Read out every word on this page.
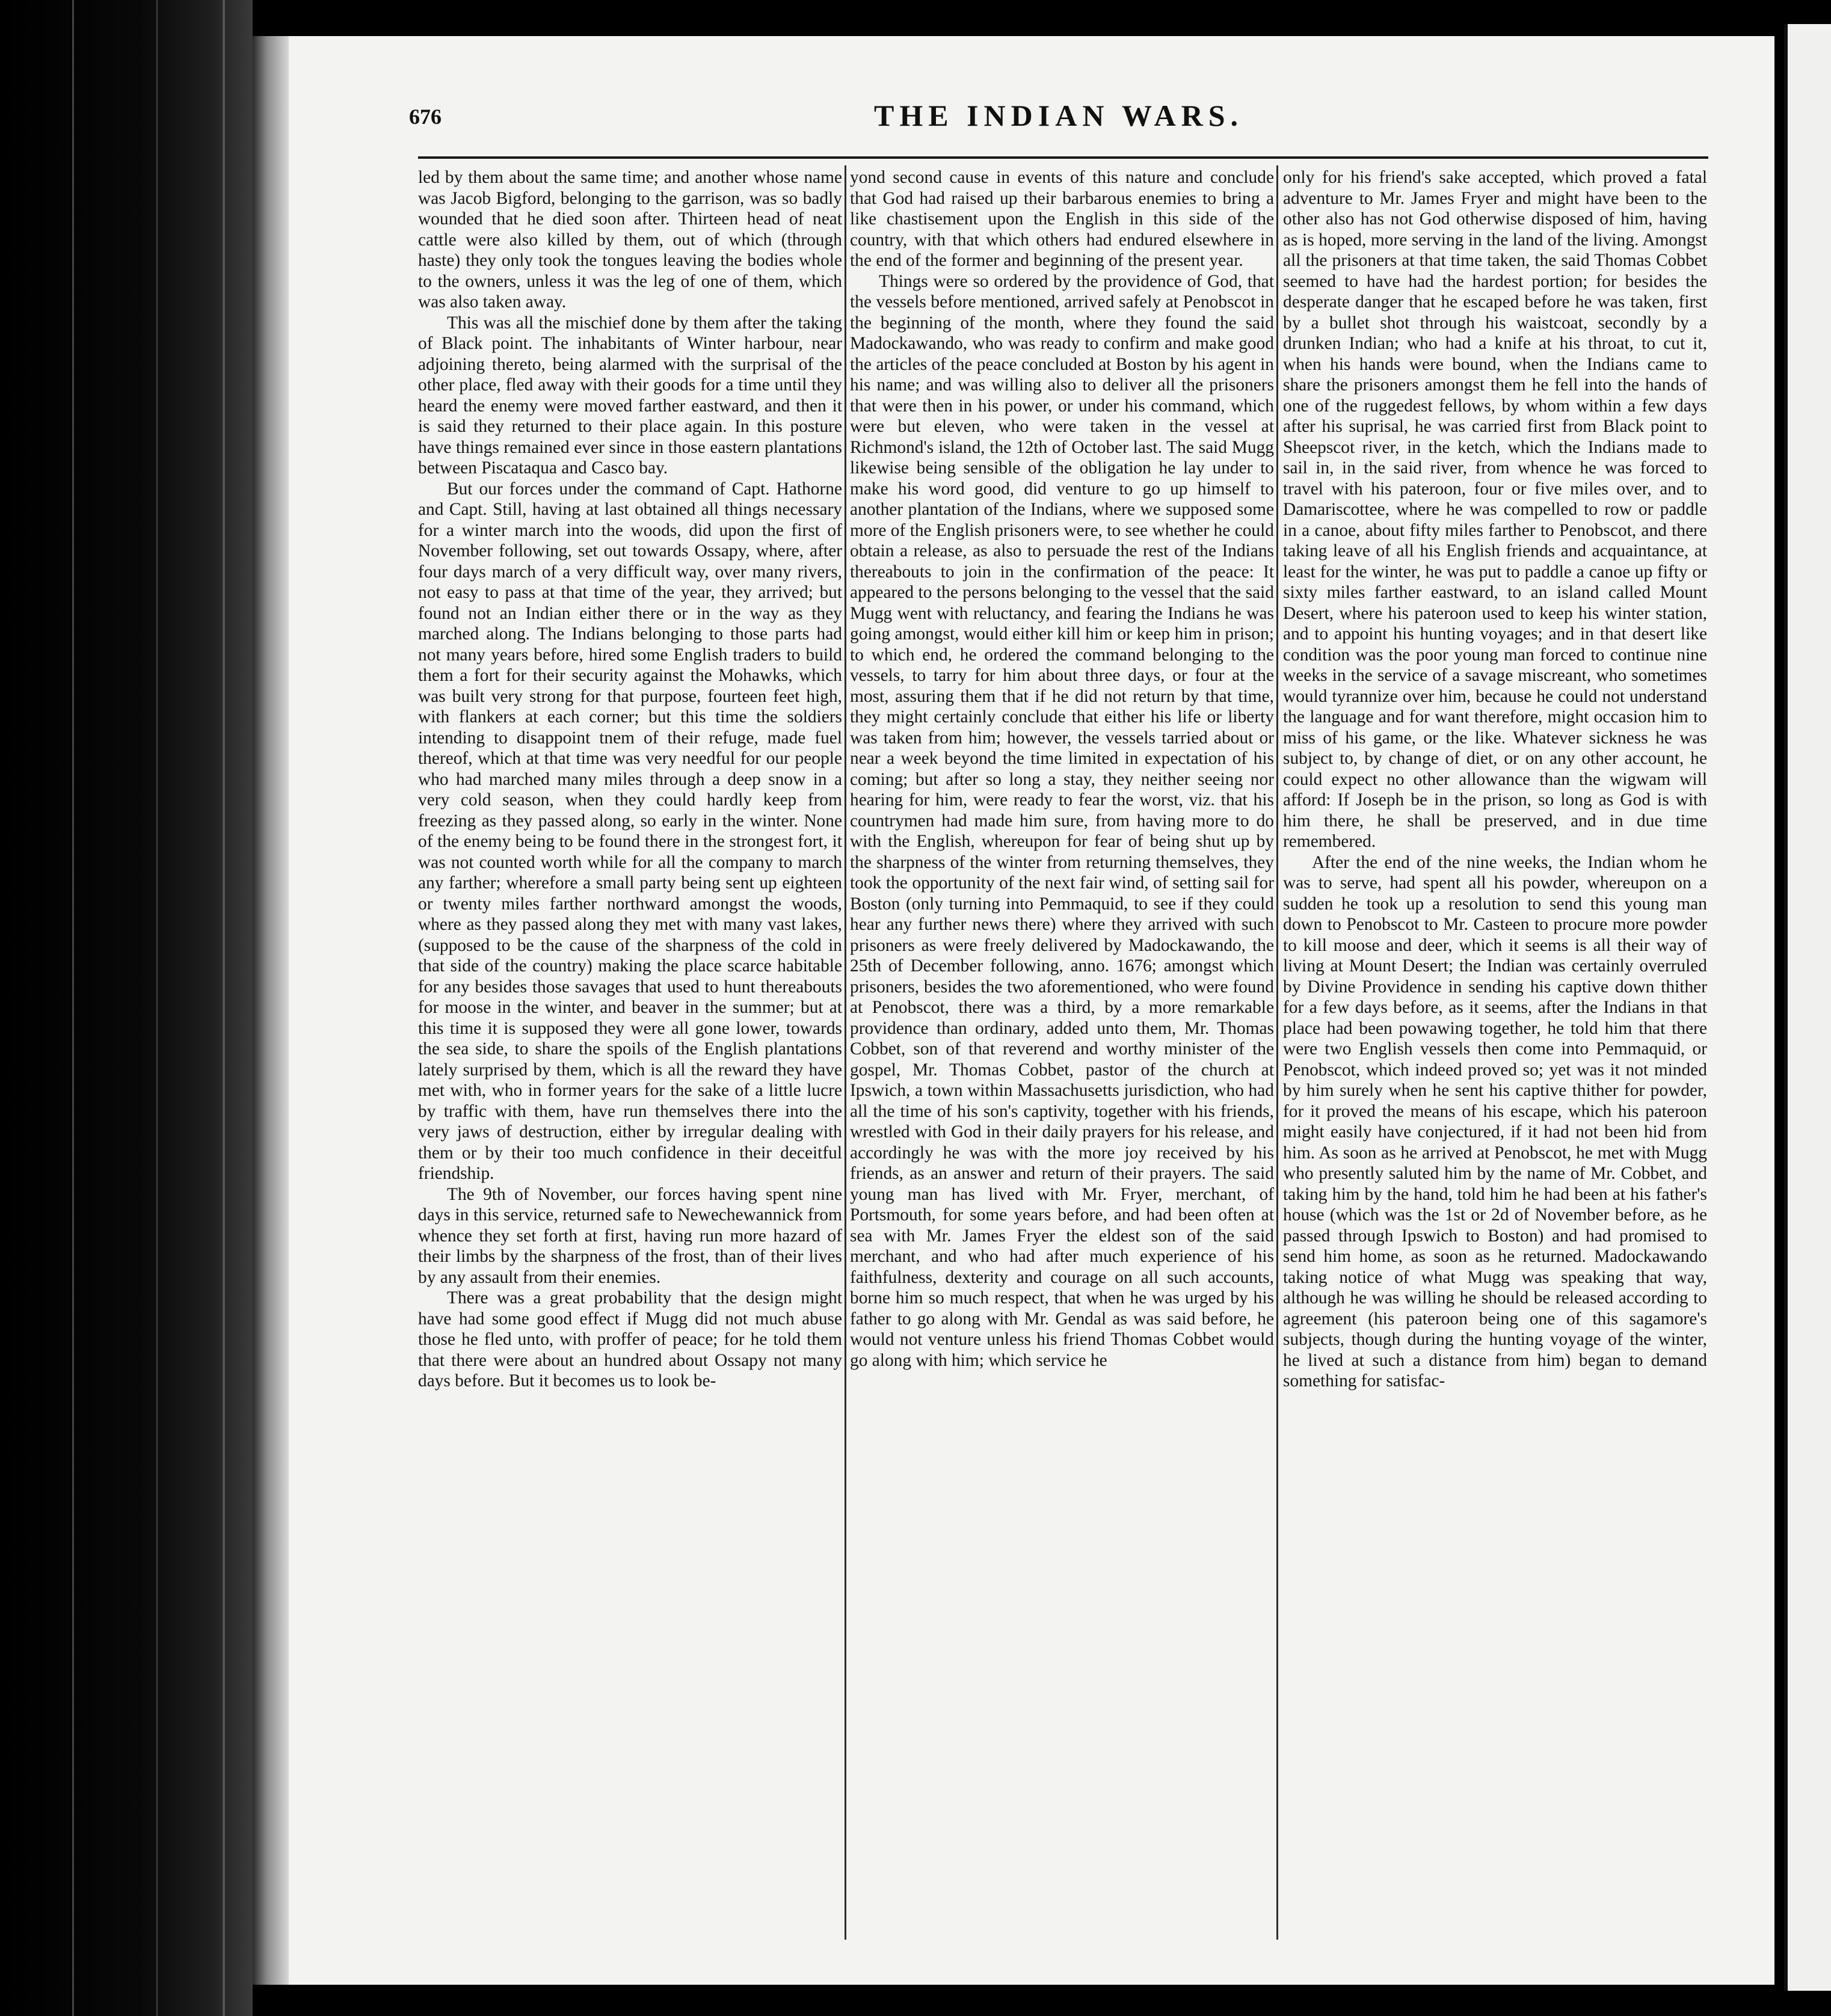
676	THE INDIAN WARS.

led by them about the same time; and another whose name was Jacob Bigford, belonging to the garrison, was so badly wounded that he died soon after. Thirteen head of neat cattle were also killed by them, out of which (through haste) they only took the tongues leaving the bodies whole to the owners, unless it was the leg of one of them, which was also taken away.

This was all the mischief done by them after the taking of Black point. The inhabitants of Winter harbour, near adjoining thereto, being alarmed with the surprisal of the other place, fled away with their goods for a time until they heard the enemy were moved farther eastward, and then it is said they returned to their place again. In this posture have things remained ever since in those eastern plantations between Piscataqua and Casco bay.

But our forces under the command of Capt. Hathorne and Capt. Still, having at last obtained all things necessary for a winter march into the woods, did upon the first of November following, set out towards Ossapy, where, after four days march of a very difficult way, over many rivers, not easy to pass at that time of the year, they arrived; but found not an Indian either there or in the way as they marched along. The Indians belonging to those parts had not many years before, hired some English traders to build them a fort for their security against the Mohawks, which was built very strong for that purpose, fourteen feet high, with flankers at each corner; but this time the soldiers intending to disappoint tnem of their refuge, made fuel thereof, which at that time was very needful for our people who had marched many miles through a deep snow in a very cold season, when they could hardly keep from freezing as they passed along, so early in the winter. None of the enemy being to be found there in the strongest fort, it was not counted worth while for all the company to march any farther; wherefore a small party being sent up eighteen or twenty miles farther northward amongst the woods, where as they passed along they met with many vast lakes, (supposed to be the cause of the sharpness of the cold in that side of the country) making the place scarce habitable for any besides those savages that used to hunt thereabouts for moose in the winter, and beaver in the summer; but at this time it is supposed they were all gone lower, towards the sea side, to share the spoils of the English plantations lately surprised by them, which is all the reward they have met with, who in former years for the sake of a little lucre by traffic with them, have run themselves there into the very jaws of destruction, either by irregular dealing with them or by their too much confidence in their deceitful friendship.

The 9th of November, our forces having spent nine days in this service, returned safe to Newechewannick from whence they set forth at first, having run more hazard of their limbs by the sharpness of the frost, than of their lives by any assault from their enemies.

There was a great probability that the design might have had some good effect if Mugg did not much abuse those he fled unto, with proffer of peace; for he told them that there were about an hundred about Ossapy not many days before. But it becomes us to look be-

yond second cause in events of this nature and conclude that God had raised up their barbarous enemies to bring a like chastisement upon the English in this side of the country, with that which others had endured elsewhere in the end of the former and beginning of the present year.

Things were so ordered by the providence of God, that the vessels before mentioned, arrived safely at Penobscot in the beginning of the month, where they found the said Madockawando, who was ready to confirm and make good the articles of the peace concluded at Boston by his agent in his name; and was willing also to deliver all the prisoners that were then in his power, or under his command, which were but eleven, who were taken in the vessel at Richmond's island, the 12th of October last. The said Mugg likewise being sensible of the obligation he lay under to make his word good, did venture to go up himself to another plantation of the Indians, where we supposed some more of the English prisoners were, to see whether he could obtain a release, as also to persuade the rest of the Indians thereabouts to join in the confirmation of the peace: It appeared to the persons belonging to the vessel that the said Mugg went with reluctancy, and fearing the Indians he was going amongst, would either kill him or keep him in prison; to which end, he ordered the command belonging to the vessels, to tarry for him about three days, or four at the most, assuring them that if he did not return by that time, they might certainly conclude that either his life or liberty was taken from him; however, the vessels tarried about or near a week beyond the time limited in expectation of his coming; but after so long a stay, they neither seeing nor hearing for him, were ready to fear the worst, viz. that his countrymen had made him sure, from having more to do with the English, whereupon for fear of being shut up by the sharpness of the winter from returning themselves, they took the opportunity of the next fair wind, of setting sail for Boston (only turning into Pemmaquid, to see if they could hear any further news there) where they arrived with such prisoners as were freely delivered by Madockawando, the 25th of December following, anno. 1676; amongst which prisoners, besides the two aforementioned, who were found at Penobscot, there was a third, by a more remarkable providence than ordinary, added unto them, Mr. Thomas Cobbet, son of that reverend and worthy minister of the gospel, Mr. Thomas Cobbet, pastor of the church at Ipswich, a town within Massachusetts jurisdiction, who had all the time of his son's captivity, together with his friends, wrestled with God in their daily prayers for his release, and accordingly he was with the more joy received by his friends, as an answer and return of their prayers. The said young man has lived with Mr. Fryer, merchant, of Portsmouth, for some years before, and had been often at sea with Mr. James Fryer the eldest son of the said merchant, and who had after much experience of his faithfulness, dexterity and courage on all such accounts, borne him so much respect, that when he was urged by his father to go along with Mr. Gendal as was said before, he would not venture unless his friend Thomas Cobbet would go along with him; which service he

only for his friend's sake accepted, which proved a fatal adventure to Mr. James Fryer and might have been to the other also has not God otherwise disposed of him, having as is hoped, more serving in the land of the living. Amongst all the prisoners at that time taken, the said Thomas Cobbet seemed to have had the hardest portion; for besides the desperate danger that he escaped before he was taken, first by a bullet shot through his waistcoat, secondly by a drunken Indian; who had a knife at his throat, to cut it, when his hands were bound, when the Indians came to share the prisoners amongst them he fell into the hands of one of the ruggedest fellows, by whom within a few days after his suprisal, he was carried first from Black point to Sheepscot river, in the ketch, which the Indians made to sail in, in the said river, from whence he was forced to travel with his pateroon, four or five miles over, and to Damariscottee, where he was compelled to row or paddle in a canoe, about fifty miles farther to Penobscot, and there taking leave of all his English friends and acquaintance, at least for the winter, he was put to paddle a canoe up fifty or sixty miles farther eastward, to an island called Mount Desert, where his pateroon used to keep his winter station, and to appoint his hunting voyages; and in that desert like condition was the poor young man forced to continue nine weeks in the service of a savage miscreant, who sometimes would tyrannize over him, because he could not understand the language and for want therefore, might occasion him to miss of his game, or the like. Whatever sickness he was subject to, by change of diet, or on any other account, he could expect no other allowance than the wigwam will afford: If Joseph be in the prison, so long as God is with him there, he shall be preserved, and in due time remembered.

After the end of the nine weeks, the Indian whom he was to serve, had spent all his powder, whereupon on a sudden he took up a resolution to send this young man down to Penobscot to Mr. Casteen to procure more powder to kill moose and deer, which it seems is all their way of living at Mount Desert; the Indian was certainly overruled by Divine Providence in sending his captive down thither for a few days before, as it seems, after the Indians in that place had been powawing together, he told him that there were two English vessels then come into Pemmaquid, or Penobscot, which indeed proved so; yet was it not minded by him surely when he sent his captive thither for powder, for it proved the means of his escape, which his pateroon might easily have conjectured, if it had not been hid from him. As soon as he arrived at Penobscot, he met with Mugg who presently saluted him by the name of Mr. Cobbet, and taking him by the hand, told him he had been at his father's house (which was the 1st or 2d of November before, as he passed through Ipswich to Boston) and had promised to send him home, as soon as he returned. Madockawando taking notice of what Mugg was speaking that way, although he was willing he should be released according to agreement (his pateroon being one of this sagamore's subjects, though during the hunting voyage of the winter, he lived at such a distance from him) began to demand something for satisfac-
